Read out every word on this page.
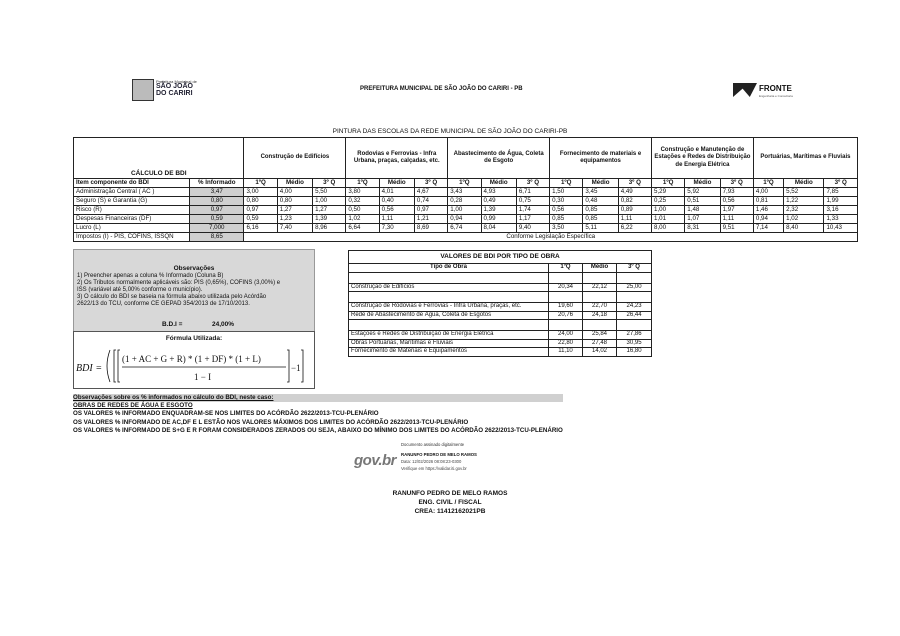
Prefeitura Municipal de
SÃO JOÃO DO CARIRI
PREFEITURA MUNICIPAL DE SÃO JOÃO DO CARIRI - PB	FRONTE
Engenharia e Consultoria
PINTURA DAS ESCOLAS DA REDE MUNICIPAL DE SÃO JOÃO DO CARIRI-PB
CÁLCULO DE BDI		Construção de Edifícios			Rodovias e Ferrovias - Infra Urbana, praças, calçadas, etc.			Abastecimento de Água, Coleta de Esgoto			Fornecimento de materiais e equipamentos			Construção e Manutenção de Estações e Redes de Distribuição de Energia Elétrica			Portuárias, Marítimas e Fluviais		
Item componente do BDI	% Informado	1ºQ	Médio	3º Q	1ºQ	Médio	3º Q	1ºQ	Médio	3º Q	1ºQ	Médio	3º Q	1ºQ	Médio	3º Q	1ºQ	Médio	3º Q
Administração Central ( AC )	3,47	3,00	4,00	5,50	3,80	4,01	4,67	3,43	4,93	6,71	1,50	3,45	4,49	5,29	5,92	7,93	4,00	5,52	7,85
Seguro (S) e Garantia (G)	0,80	0,80	0,80	1,00	0,32	0,40	0,74	0,28	0,49	0,75	0,30	0,48	0,82	0,25	0,51	0,56	0,81	1,22	1,99
Risco (R)	0,97	0,97	1,27	1,27	0,50	0,56	0,97	1,00	1,39	1,74	0,56	0,85	0,89	1,00	1,48	1,97	1,46	2,32	3,16
Despesas Financeiras (DF)	0,59	0,59	1,23	1,39	1,02	1,11	1,21	0,94	0,99	1,17	0,85	0,85	1,11	1,01	1,07	1,11	0,94	1,02	1,33
Lucro (L)	7,000	6,16	7,40	8,96	6,64	7,30	8,69	6,74	8,04	9,40	3,50	5,11	6,22	8,00	8,31	9,51	7,14	8,40	10,43
Impostos (I) - PIS, COFINS, ISSQN	8,65	Conforme Legislação Específica																	
Observações
1) Preencher apenas a coluna % Informado (Coluna B)
2) Os Tributos normalmente aplicáveis são: PIS (0,65%), COFINS (3,00%) e
ISS (variável até 5,00% conforme o município).
3) O cálculo do BDI se baseia na fórmula abaixo utilizada pelo Acórdão
2622/13 do TCU, conforme CE GEPAD 354/2013 de 17/10/2013.
B.D.I =	24,00%
Fórmula Utilizada:
BDI =
(1 + AC + G + R) * (1 + DF) * (1 + L)
1 − I
−1
VALORES DE BDI POR TIPO DE OBRA			
Tipo de Obra	1ºQ	Médio	3º Q

Construção de Edifícios	20,34	22,12	25,00

Construção de Rodovias e Ferrovias - Infra Urbana, praças, etc.	19,60	22,70	24,23
Rede de Abastecimento de Água, Coleta de Esgotos	20,76	24,18	26,44

Estações e Redes de Distribuição de Energia Elétrica	24,00	25,84	27,86
Obras Portuárias, Marítimas e Fluviais	22,80	27,48	30,95
Fornecimento de Materiais e Equipamentos	11,10	14,02	16,80
Observações sobre os % informados no cálculo do BDI, neste caso:
OBRAS DE REDES DE ÁGUA E ESGOTO
OS VALORES % INFORMADO ENQUADRAM-SE NOS LIMITES DO ACÓRDÃO 2622/2013-TCU-PLENÁRIO
OS VALORES % INFORMADO DE AC,DF E L ESTÃO NOS VALORES MÁXIMOS DOS LIMITES DO ACÓRDÃO 2622/2013-TCU-PLENÁRIO
OS VALORES % INFORMADO DE S+G E R FORAM CONSIDERADOS ZERADOS OU SEJA, ABAIXO DO MÍNIMO DOS LIMITES DO ACÓRDÃO 2622/2013-TCU-PLENÁRIO
gov.br
Documento assinado digitalmente
RANUNFO PEDRO DE MELO RAMOS
Data: 12/02/2026 08:08:23-0300
Verifique em https://validar.iti.gov.br
RANUNFO PEDRO DE MELO RAMOS
ENG. CIVIL / FISCAL
CREA: 11412162021PB
